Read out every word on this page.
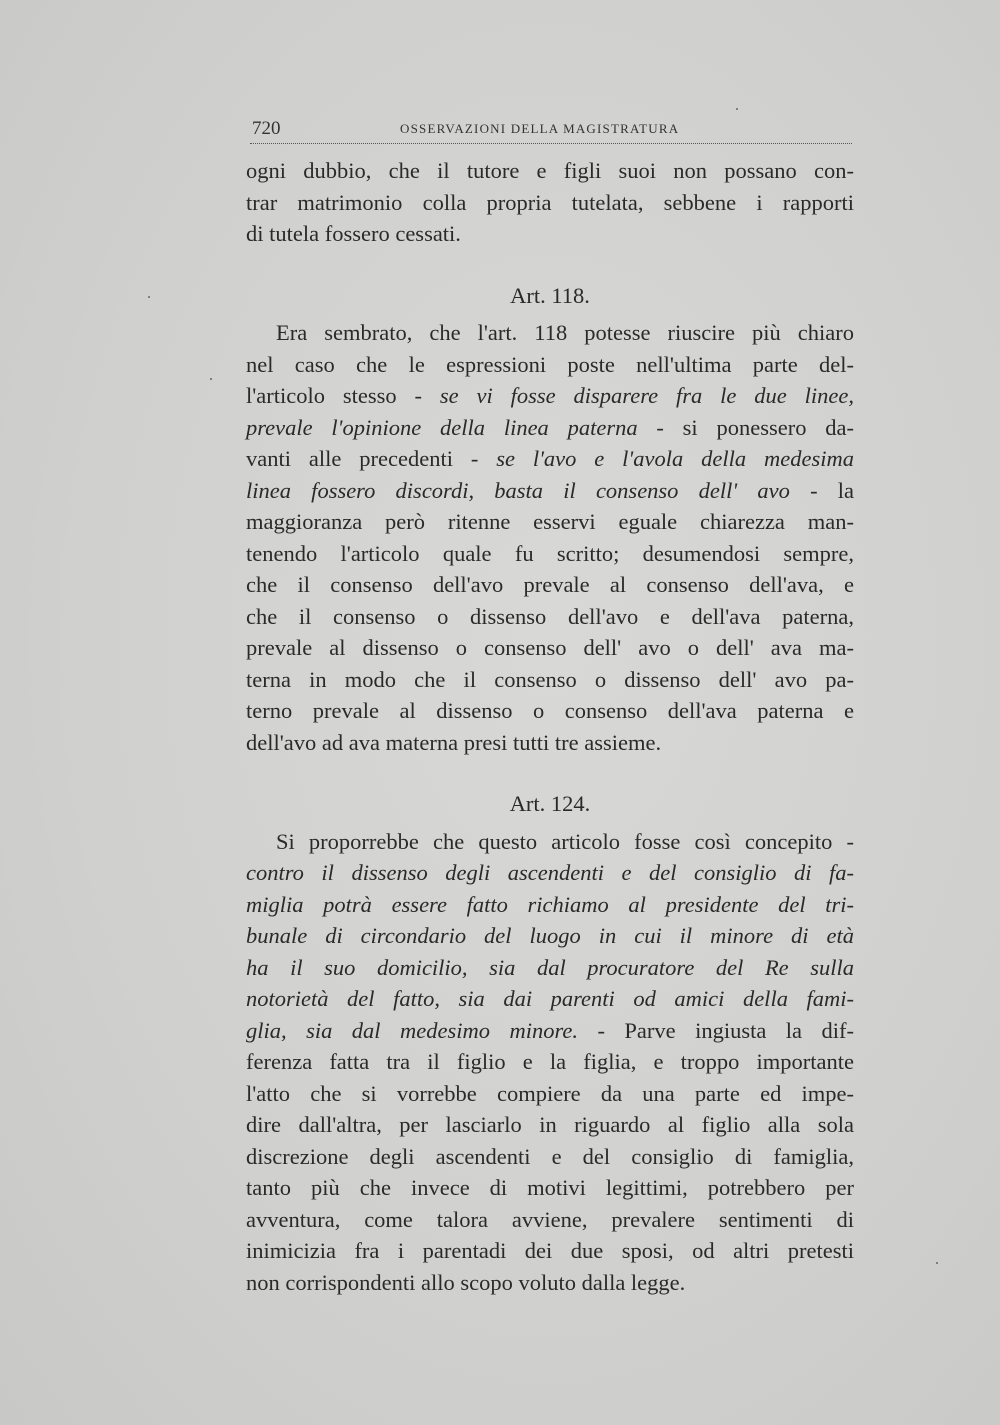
720	OSSERVAZIONI DELLA MAGISTRATURA
ogni dubbio, che il tutore e figli suoi non possano con-
trar matrimonio colla propria tutelata, sebbene i rapporti
di tutela fossero cessati.
Art. 118.
Era sembrato, che l'art. 118 potesse riuscire più chiaro
nel caso che le espressioni poste nell'ultima parte del-
l'articolo stesso - se vi fosse disparere fra le due linee,
prevale l'opinione della linea paterna - si ponessero da-
vanti alle precedenti - se l'avo e l'avola della medesima
linea fossero discordi, basta il consenso dell' avo - la
maggioranza però ritenne esservi eguale chiarezza man-
tenendo l'articolo quale fu scritto; desumendosi sempre,
che il consenso dell'avo prevale al consenso dell'ava, e
che il consenso o dissenso dell'avo e dell'ava paterna,
prevale al dissenso o consenso dell' avo o dell' ava ma-
terna in modo che il consenso o dissenso dell' avo pa-
terno prevale al dissenso o consenso dell'ava paterna e
dell'avo ad ava materna presi tutti tre assieme.
Art. 124.
Si proporrebbe che questo articolo fosse così concepito -
contro il dissenso degli ascendenti e del consiglio di fa-
miglia potrà essere fatto richiamo al presidente del tri-
bunale di circondario del luogo in cui il minore di età
ha il suo domicilio, sia dal procuratore del Re sulla
notorietà del fatto, sia dai parenti od amici della fami-
glia, sia dal medesimo minore. - Parve ingiusta la dif-
ferenza fatta tra il figlio e la figlia, e troppo importante
l'atto che si vorrebbe compiere da una parte ed impe-
dire dall'altra, per lasciarlo in riguardo al figlio alla sola
discrezione degli ascendenti e del consiglio di famiglia,
tanto più che invece di motivi legittimi, potrebbero per
avventura, come talora avviene, prevalere sentimenti di
inimicizia fra i parentadi dei due sposi, od altri pretesti
non corrispondenti allo scopo voluto dalla legge.
